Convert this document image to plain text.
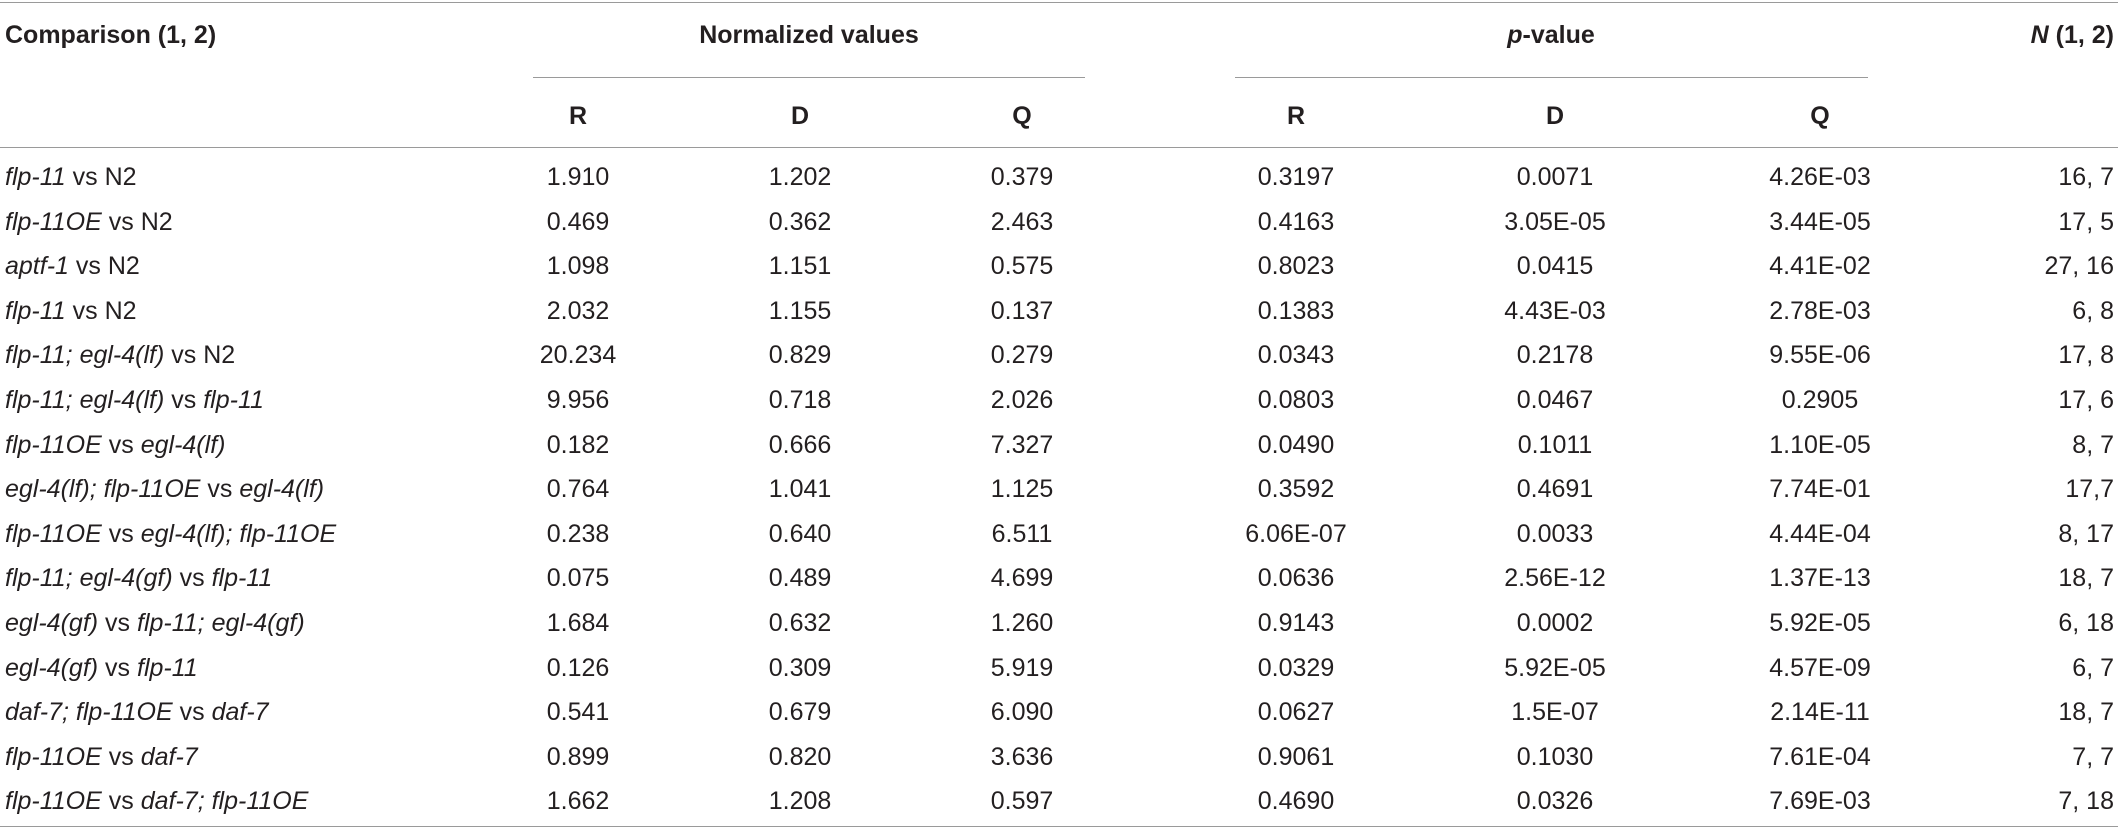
Comparison (1, 2)	Normalized values	p-value	N (1, 2)
R	D	Q	R	D	Q
flp-11 vs N2	1.910	1.202	0.379	0.3197	0.0071	4.26E-03	16, 7
flp-11OE vs N2	0.469	0.362	2.463	0.4163	3.05E-05	3.44E-05	17, 5
aptf-1 vs N2	1.098	1.151	0.575	0.8023	0.0415	4.41E-02	27, 16
flp-11 vs N2	2.032	1.155	0.137	0.1383	4.43E-03	2.78E-03	6, 8
flp-11; egl-4(lf) vs N2	20.234	0.829	0.279	0.0343	0.2178	9.55E-06	17, 8
flp-11; egl-4(lf) vs flp-11	9.956	0.718	2.026	0.0803	0.0467	0.2905	17, 6
flp-11OE vs egl-4(lf)	0.182	0.666	7.327	0.0490	0.1011	1.10E-05	8, 7
egl-4(lf); flp-11OE vs egl-4(lf)	0.764	1.041	1.125	0.3592	0.4691	7.74E-01	17,7
flp-11OE vs egl-4(lf); flp-11OE	0.238	0.640	6.511	6.06E-07	0.0033	4.44E-04	8, 17
flp-11; egl-4(gf) vs flp-11	0.075	0.489	4.699	0.0636	2.56E-12	1.37E-13	18, 7
egl-4(gf) vs flp-11; egl-4(gf)	1.684	0.632	1.260	0.9143	0.0002	5.92E-05	6, 18
egl-4(gf) vs flp-11	0.126	0.309	5.919	0.0329	5.92E-05	4.57E-09	6, 7
daf-7; flp-11OE vs daf-7	0.541	0.679	6.090	0.0627	1.5E-07	2.14E-11	18, 7
flp-11OE vs daf-7	0.899	0.820	3.636	0.9061	0.1030	7.61E-04	7, 7
flp-11OE vs daf-7; flp-11OE	1.662	1.208	0.597	0.4690	0.0326	7.69E-03	7, 18
